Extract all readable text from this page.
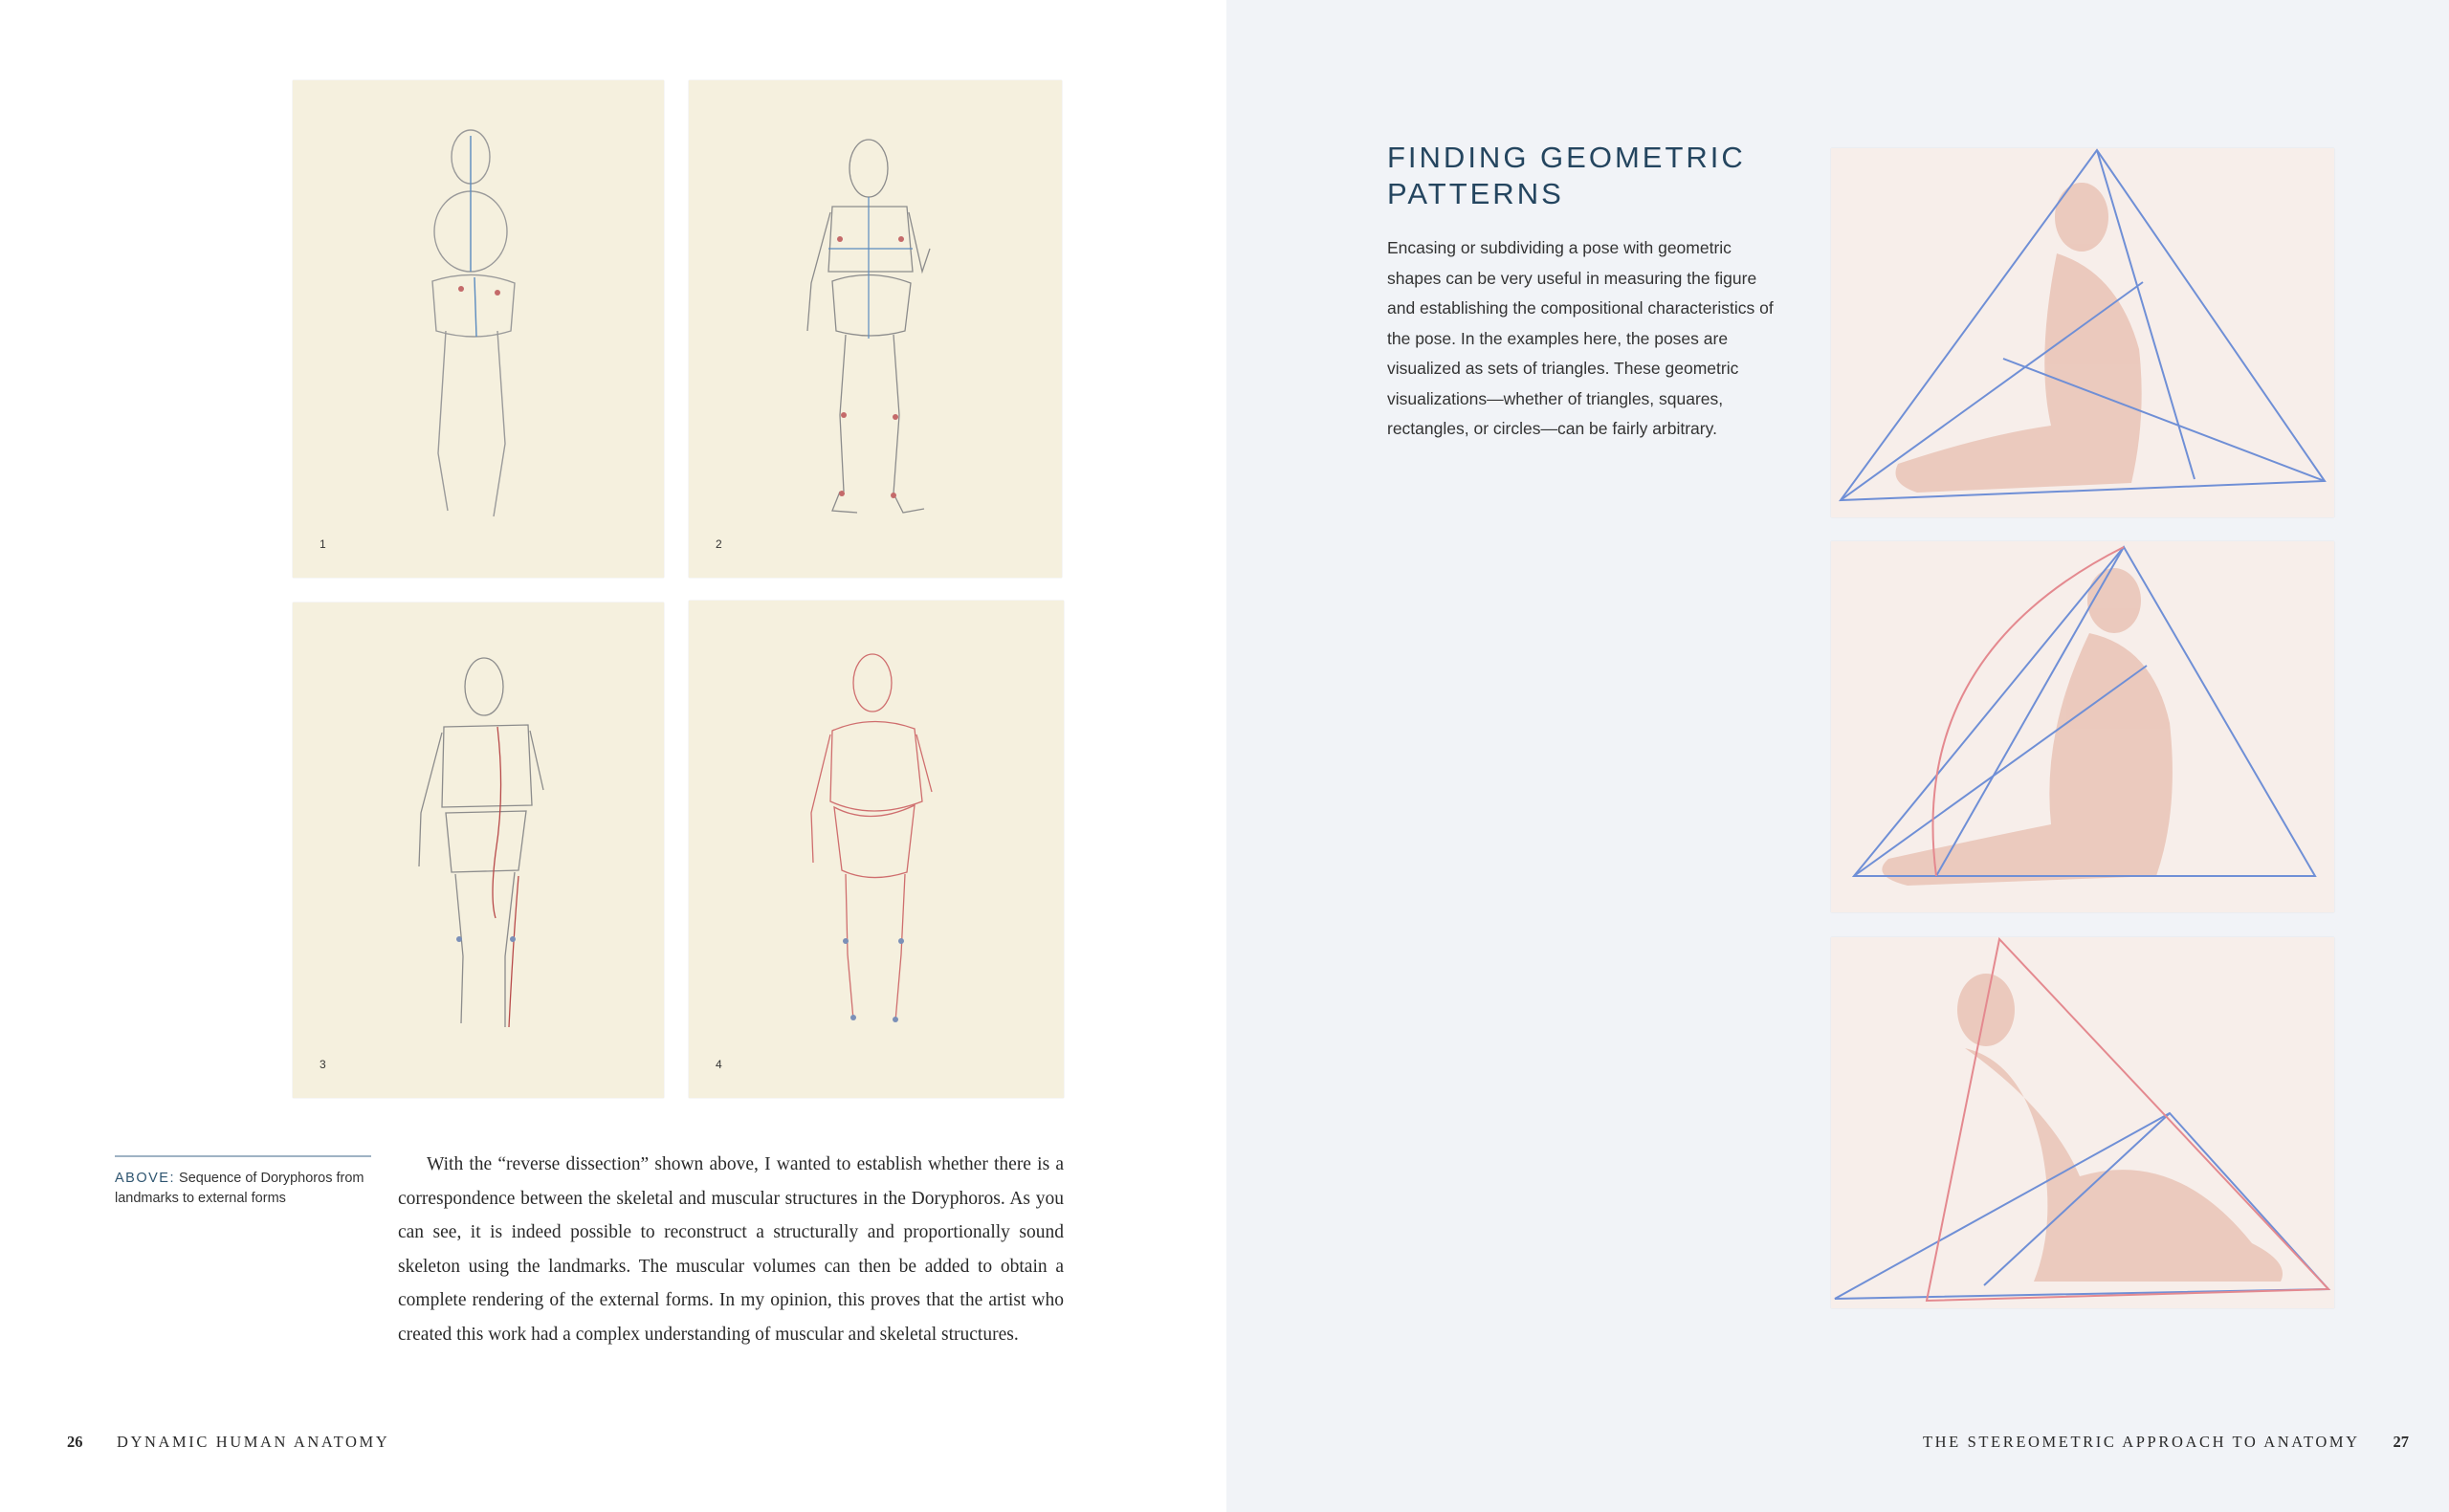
1	2
3	4
ABOVE: Sequence of Doryphoros from landmarks to external forms
With the “reverse dissection” shown above, I wanted to establish whether there is a correspondence between the skeletal and muscular structures in the Doryphoros. As you can see, it is indeed possible to reconstruct a structurally and proportionally sound skeleton using the landmarks. The muscular volumes can then be added to obtain a complete rendering of the external forms. In my opinion, this proves that the artist who created this work had a complex understanding of muscular and skeletal structures.
26 DYNAMIC HUMAN ANATOMY
FINDING GEOMETRIC PATTERNS

Encasing or subdividing a pose with geometric shapes can be very useful in measuring the figure and establishing the compositional characteristics of the pose. In the examples here, the poses are visualized as sets of triangles. These geometric visualizations—whether of triangles, squares, rectangles, or circles—can be fairly arbitrary.

THE STEREOMETRIC APPROACH TO ANATOMY 27
